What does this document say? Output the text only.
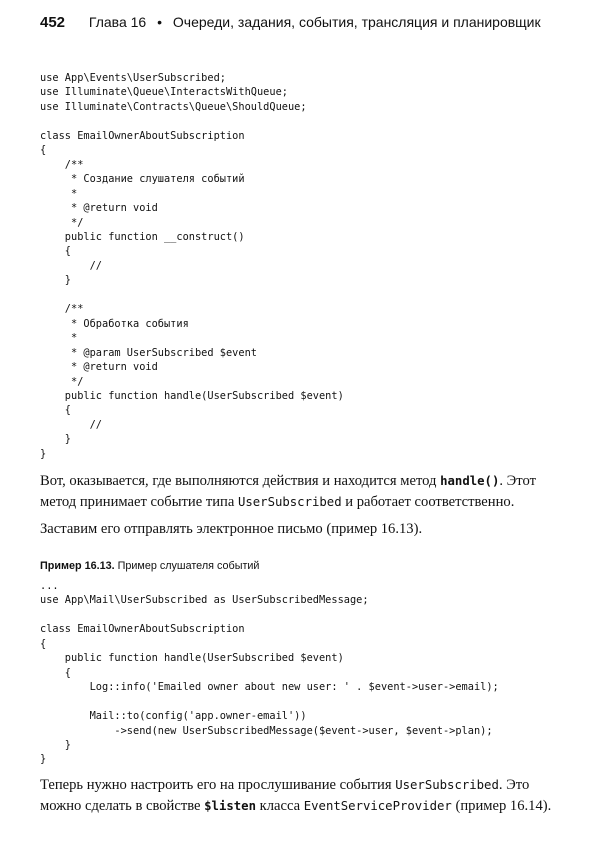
452 Глава 16 • Очереди, задания, события, трансляция и планировщик
use App\Events\UserSubscribed;
use Illuminate\Queue\InteractsWithQueue;
use Illuminate\Contracts\Queue\ShouldQueue;

class EmailOwnerAboutSubscription
{
/**
* Создание слушателя событий
*
* @return void
*/
public function __construct()
{
//
}

/**
* Обработка события
*
* @param UserSubscribed $event
* @return void
*/
public function handle(UserSubscribed $event)
{
//
}
}

Вот, оказывается, где выполняются действия и находится метод handle(). Этот метод принимает событие типа UserSubscribed и работает соответственно.

Заставим его отправлять электронное письмо (пример 16.13).

Пример 16.13. Пример слушателя событий
...
use App\Mail\UserSubscribed as UserSubscribedMessage;

class EmailOwnerAboutSubscription
{
public function handle(UserSubscribed $event)
{
Log::info('Emailed owner about new user: ' . $event->user->email);

Mail::to(config('app.owner-email'))
->send(new UserSubscribedMessage($event->user, $event->plan);
}
}

Теперь нужно настроить его на прослушивание события UserSubscribed. Это можно сделать в свойстве $listen класса EventServiceProvider (пример 16.14).
